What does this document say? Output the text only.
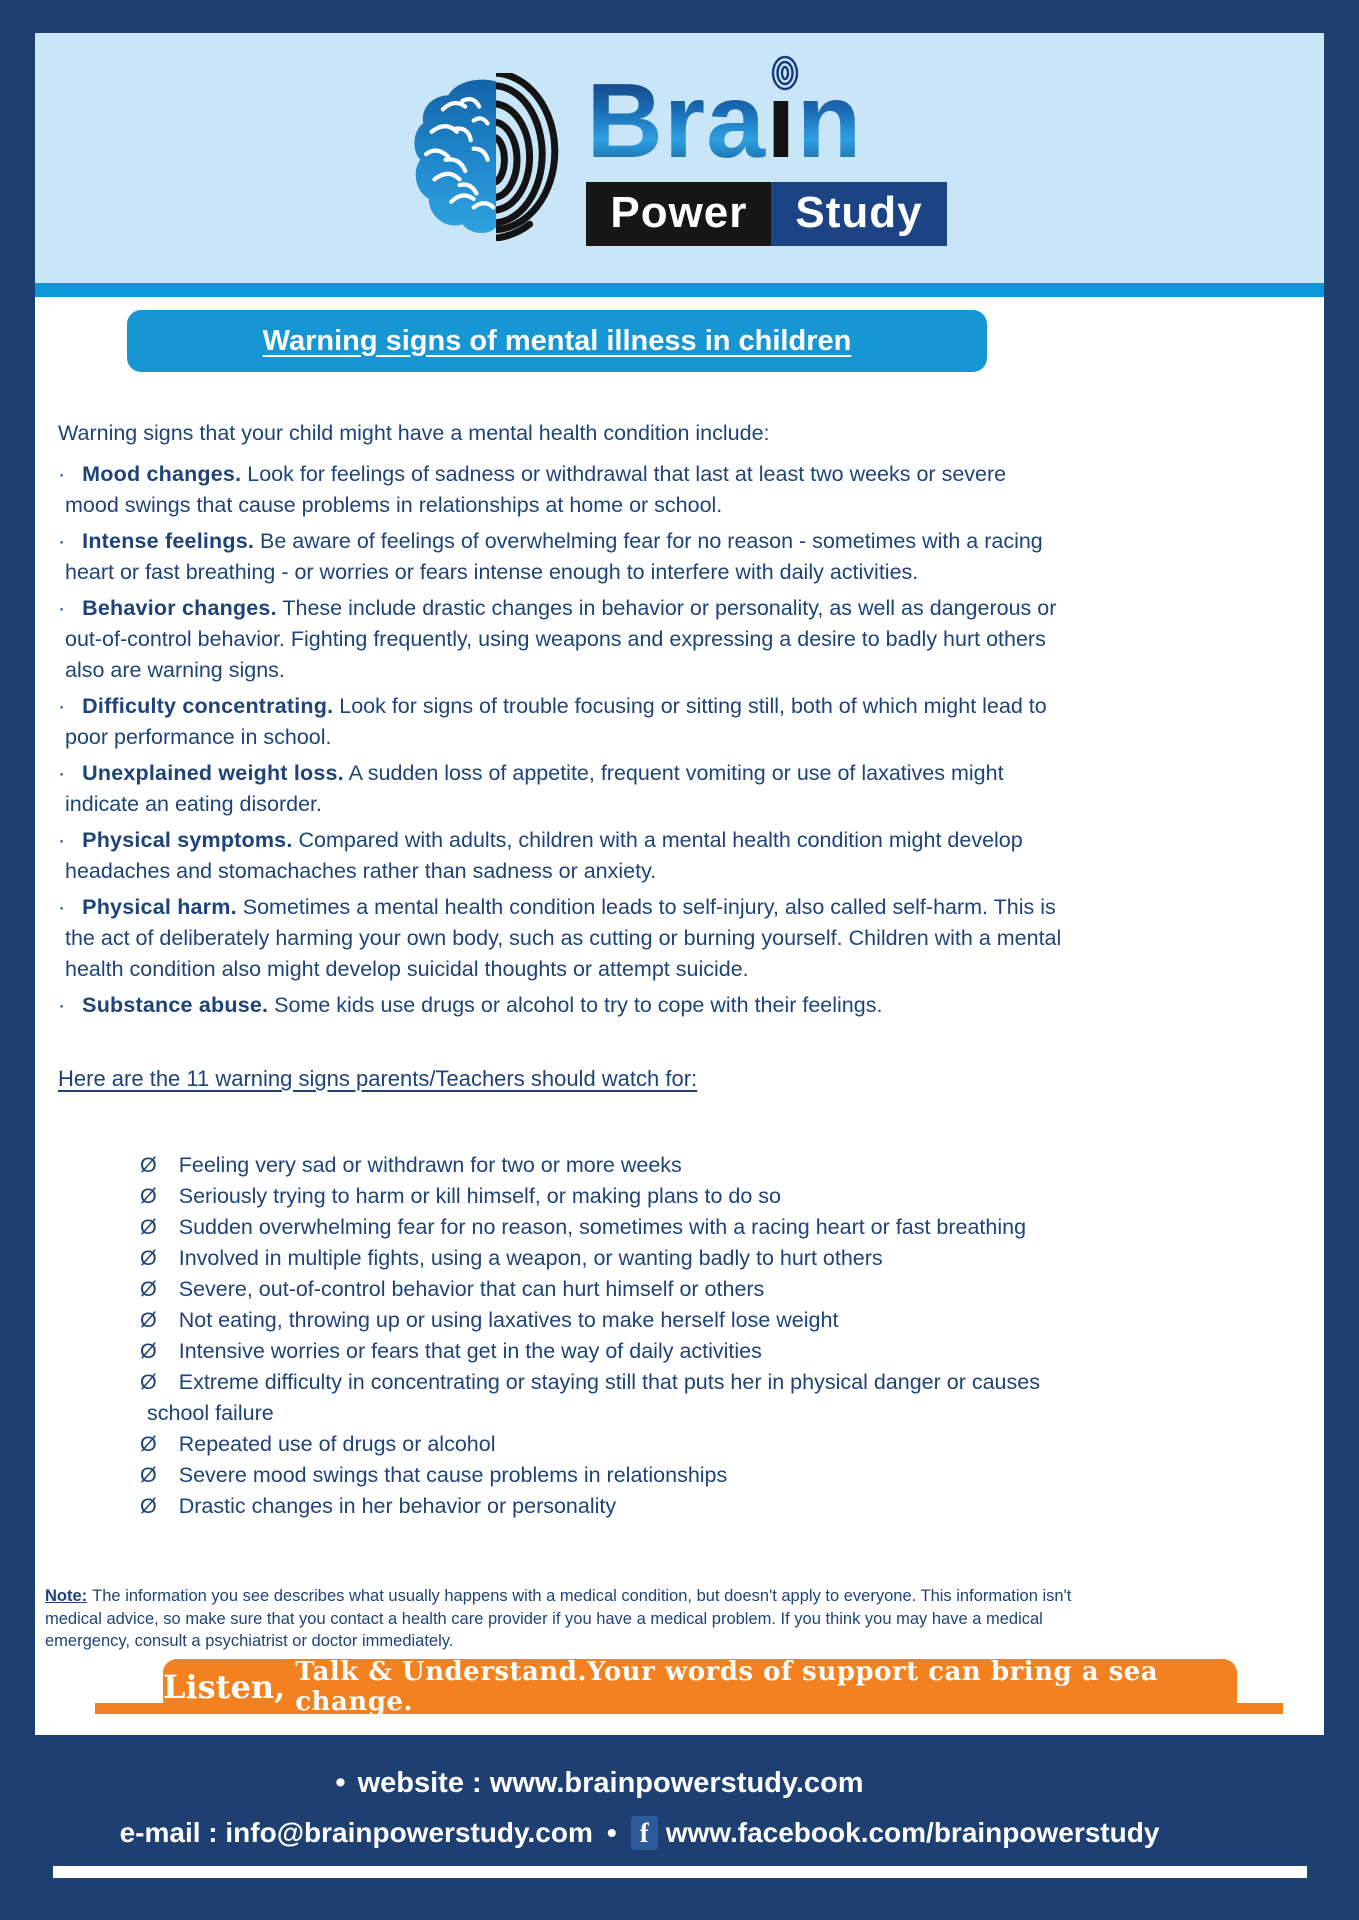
Bra ı n
Power	Study
Warning signs of mental illness in children

Warning signs that your child might have a mental health condition include:

· Mood changes. Look for feelings of sadness or withdrawal that last at least two weeks or severe mood swings that cause problems in relationships at home or school.

· Intense feelings. Be aware of feelings of overwhelming fear for no reason - sometimes with a racing heart or fast breathing - or worries or fears intense enough to interfere with daily activities.

· Behavior changes. These include drastic changes in behavior or personality, as well as dangerous or out-of-control behavior. Fighting frequently, using weapons and expressing a desire to badly hurt others also are warning signs.

· Difficulty concentrating. Look for signs of trouble focusing or sitting still, both of which might lead to poor performance in school.

· Unexplained weight loss. A sudden loss of appetite, frequent vomiting or use of laxatives might indicate an eating disorder.

· Physical symptoms. Compared with adults, children with a mental health condition might develop headaches and stomachaches rather than sadness or anxiety.

· Physical harm. Sometimes a mental health condition leads to self-injury, also called self-harm. This is the act of deliberately harming your own body, such as cutting or burning yourself. Children with a mental health condition also might develop suicidal thoughts or attempt suicide.

· Substance abuse. Some kids use drugs or alcohol to try to cope with their feelings.

Here are the 11 warning signs parents/Teachers should watch for:

Ø Feeling very sad or withdrawn for two or more weeks

Ø Seriously trying to harm or kill himself, or making plans to do so

Ø Sudden overwhelming fear for no reason, sometimes with a racing heart or fast breathing

Ø Involved in multiple fights, using a weapon, or wanting badly to hurt others

Ø Severe, out-of-control behavior that can hurt himself or others

Ø Not eating, throwing up or using laxatives to make herself lose weight

Ø Intensive worries or fears that get in the way of daily activities

Ø Extreme difficulty in concentrating or staying still that puts her in physical danger or causes school failure

Ø Repeated use of drugs or alcohol

Ø Severe mood swings that cause problems in relationships

Ø Drastic changes in her behavior or personality

Note: The information you see describes what usually happens with a medical condition, but doesn't apply to everyone. This information isn't medical advice, so make sure that you contact a health care provider if you have a medical problem. If you think you may have a medical emergency, consult a psychiatrist or doctor immediately.

Listen, Talk & Understand.Your words of support can bring a sea change.
• website : www.brainpowerstudy.com
e-mail :
info@brainpowerstudy.com • f www.facebook.com/brainpowerstudy
